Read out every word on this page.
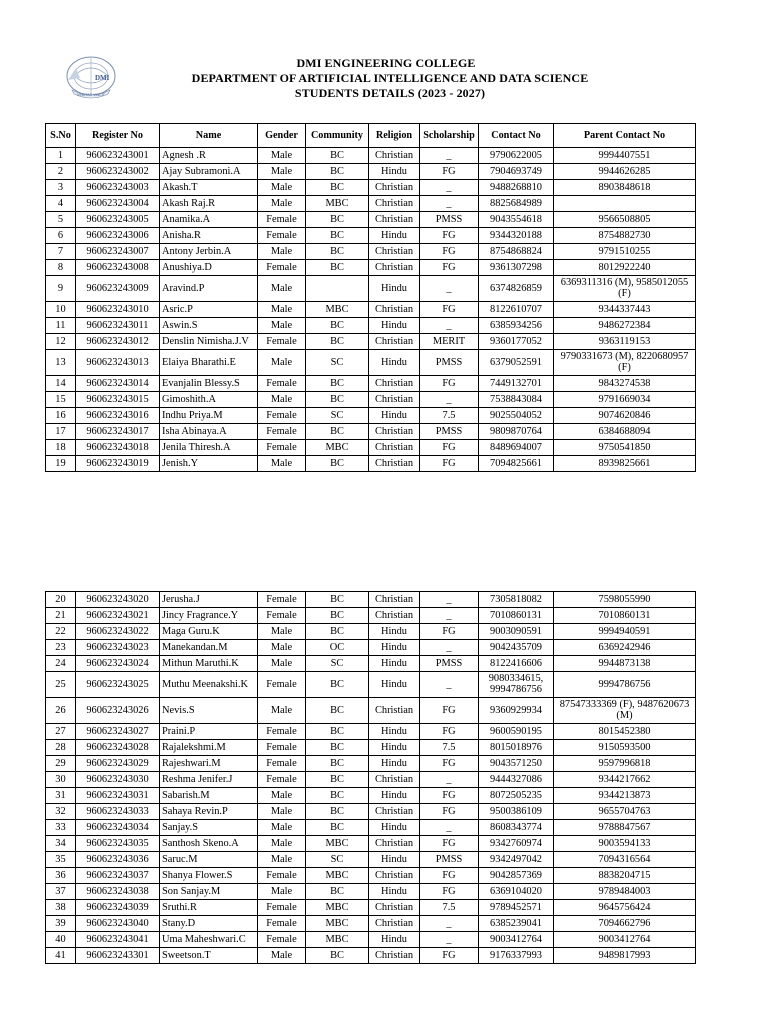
DMI
VERITAS VINCIT
DMI ENGINEERING COLLEGE
DEPARTMENT OF ARTIFICIAL INTELLIGENCE AND DATA SCIENCE
STUDENTS DETAILS (2023 - 2027)
S.No	Register No	Name	Gender	Community	Religion	Scholarship	Contact No	Parent Contact No
1	960623243001	Agnesh .R	Male	BC	Christian	_	9790622005	9994407551
2	960623243002	Ajay Subramoni.A	Male	BC	Hindu	FG	7904693749	9944626285
3	960623243003	Akash.T	Male	BC	Christian	_	9488268810	8903848618
4	960623243004	Akash Raj.R	Male	MBC	Christian	_	8825684989	
5	960623243005	Anamika.A	Female	BC	Christian	PMSS	9043554618	9566508805
6	960623243006	Anisha.R	Female	BC	Hindu	FG	9344320188	8754882730
7	960623243007	Antony Jerbin.A	Male	BC	Christian	FG	8754868824	9791510255
8	960623243008	Anushiya.D	Female	BC	Christian	FG	9361307298	8012922240
9	960623243009	Aravind.P	Male		Hindu	_	6374826859	6369311316 (M), 9585012055 (F)
10	960623243010	Asric.P	Male	MBC	Christian	FG	8122610707	9344337443
11	960623243011	Aswin.S	Male	BC	Hindu	_	6385934256	9486272384
12	960623243012	Denslin Nimisha.J.V	Female	BC	Christian	MERIT	9360177052	9363119153
13	960623243013	Elaiya Bharathi.E	Male	SC	Hindu	PMSS	6379052591	9790331673 (M), 8220680957 (F)
14	960623243014	Evanjalin Blessy.S	Female	BC	Christian	FG	7449132701	9843274538
15	960623243015	Gimoshith.A	Male	BC	Christian	_	7538843084	9791669034
16	960623243016	Indhu Priya.M	Female	SC	Hindu	7.5	9025504052	9074620846
17	960623243017	Isha Abinaya.A	Female	BC	Christian	PMSS	9809870764	6384688094
18	960623243018	Jenila Thiresh.A	Female	MBC	Christian	FG	8489694007	9750541850
19	960623243019	Jenish.Y	Male	BC	Christian	FG	7094825661	8939825661
20	960623243020	Jerusha.J	Female	BC	Christian	_	7305818082	7598055990
21	960623243021	Jincy Fragrance.Y	Female	BC	Christian	_	7010860131	7010860131
22	960623243022	Maga Guru.K	Male	BC	Hindu	FG	9003090591	9994940591
23	960623243023	Manekandan.M	Male	OC	Hindu	_	9042435709	6369242946
24	960623243024	Mithun Maruthi.K	Male	SC	Hindu	PMSS	8122416606	9944873138
25	960623243025	Muthu Meenakshi.K	Female	BC	Hindu	_	9080334615, 9994786756	9994786756
26	960623243026	Nevis.S	Male	BC	Christian	FG	9360929934	87547333369 (F), 9487620673 (M)
27	960623243027	Praini.P	Female	BC	Hindu	FG	9600590195	8015452380
28	960623243028	Rajalekshmi.M	Female	BC	Hindu	7.5	8015018976	9150593500
29	960623243029	Rajeshwari.M	Female	BC	Hindu	FG	9043571250	9597996818
30	960623243030	Reshma Jenifer.J	Female	BC	Christian	_	9444327086	9344217662
31	960623243031	Sabarish.M	Male	BC	Hindu	FG	8072505235	9344213873
32	960623243033	Sahaya Revin.P	Male	BC	Christian	FG	9500386109	9655704763
33	960623243034	Sanjay.S	Male	BC	Hindu	_	8608343774	9788847567
34	960623243035	Santhosh Skeno.A	Male	MBC	Christian	FG	9342760974	9003594133
35	960623243036	Saruc.M	Male	SC	Hindu	PMSS	9342497042	7094316564
36	960623243037	Shanya Flower.S	Female	MBC	Christian	FG	9042857369	8838204715
37	960623243038	Son Sanjay.M	Male	BC	Hindu	FG	6369104020	9789484003
38	960623243039	Sruthi.R	Female	MBC	Christian	7.5	9789452571	9645756424
39	960623243040	Stany.D	Female	MBC	Christian	_	6385239041	7094662796
40	960623243041	Uma Maheshwari.C	Female	MBC	Hindu	_	9003412764	9003412764
41	960623243301	Sweetson.T	Male	BC	Christian	FG	9176337993	9489817993
